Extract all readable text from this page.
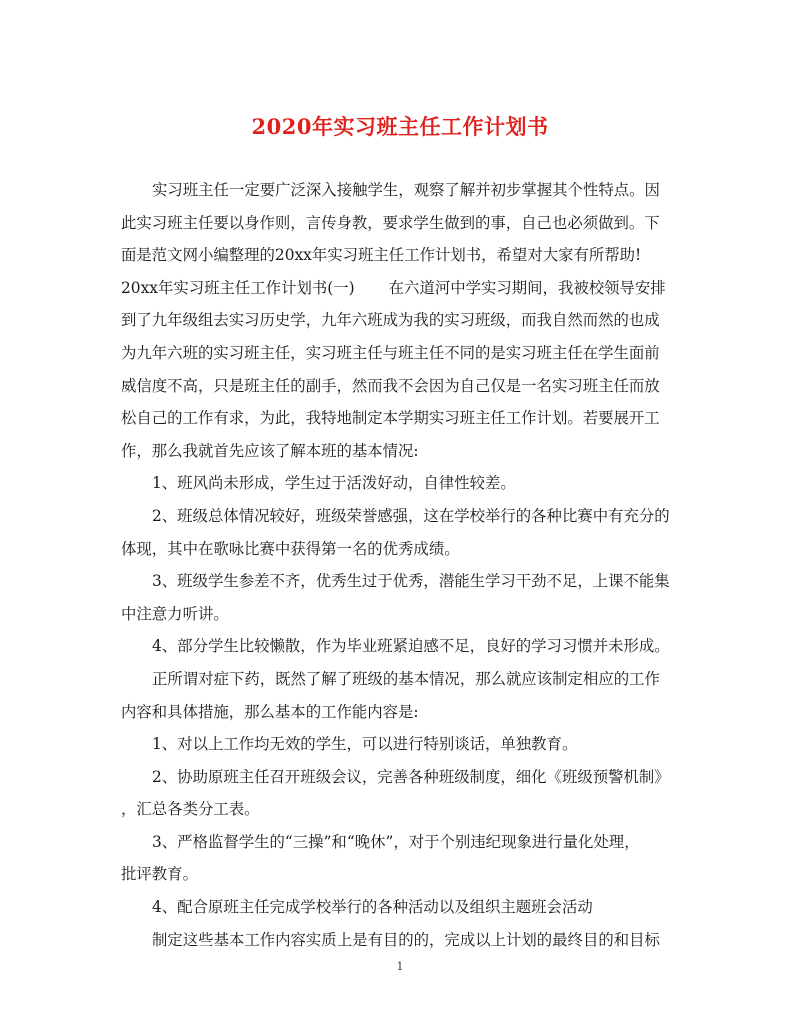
2020年实习班主任工作计划书
实习班主任一定要广泛深入接触学生，观察了解并初步掌握其个性特点。因
此实习班主任要以身作则，言传身教，要求学生做到的事，自己也必须做到。下
面是范文网小编整理的20xx年实习班主任工作计划书，希望对大家有所帮助!
20xx年实习班主任工作计划书(一) 在六道河中学实习期间，我被校领导安排
到了九年级组去实习历史学，九年六班成为我的实习班级，而我自然而然的也成
为九年六班的实习班主任，实习班主任与班主任不同的是实习班主任在学生面前
威信度不高，只是班主任的副手，然而我不会因为自己仅是一名实习班主任而放
松自己的工作有求，为此，我特地制定本学期实习班主任工作计划。若要展开工
作，那么我就首先应该了解本班的基本情况:
1、班风尚未形成，学生过于活泼好动，自律性较差。
2、班级总体情况较好，班级荣誉感强，这在学校举行的各种比赛中有充分的
体现，其中在歌咏比赛中获得第一名的优秀成绩。
3、班级学生参差不齐，优秀生过于优秀，潜能生学习干劲不足，上课不能集
中注意力听讲。
4、部分学生比较懒散，作为毕业班紧迫感不足，良好的学习习惯并未形成。
正所谓对症下药，既然了解了班级的基本情况，那么就应该制定相应的工作
内容和具体措施，那么基本的工作能内容是:
1、对以上工作均无效的学生，可以进行特别谈话，单独教育。
2、协助原班主任召开班级会议，完善各种班级制度，细化《班级预警机制》
，汇总各类分工表。
3、严格监督学生的“三操”和“晚休”，对于个别违纪现象进行量化处理，
批评教育。
4、配合原班主任完成学校举行的各种活动以及组织主题班会活动
制定这些基本工作内容实质上是有目的的，完成以上计划的最终目的和目标
1
